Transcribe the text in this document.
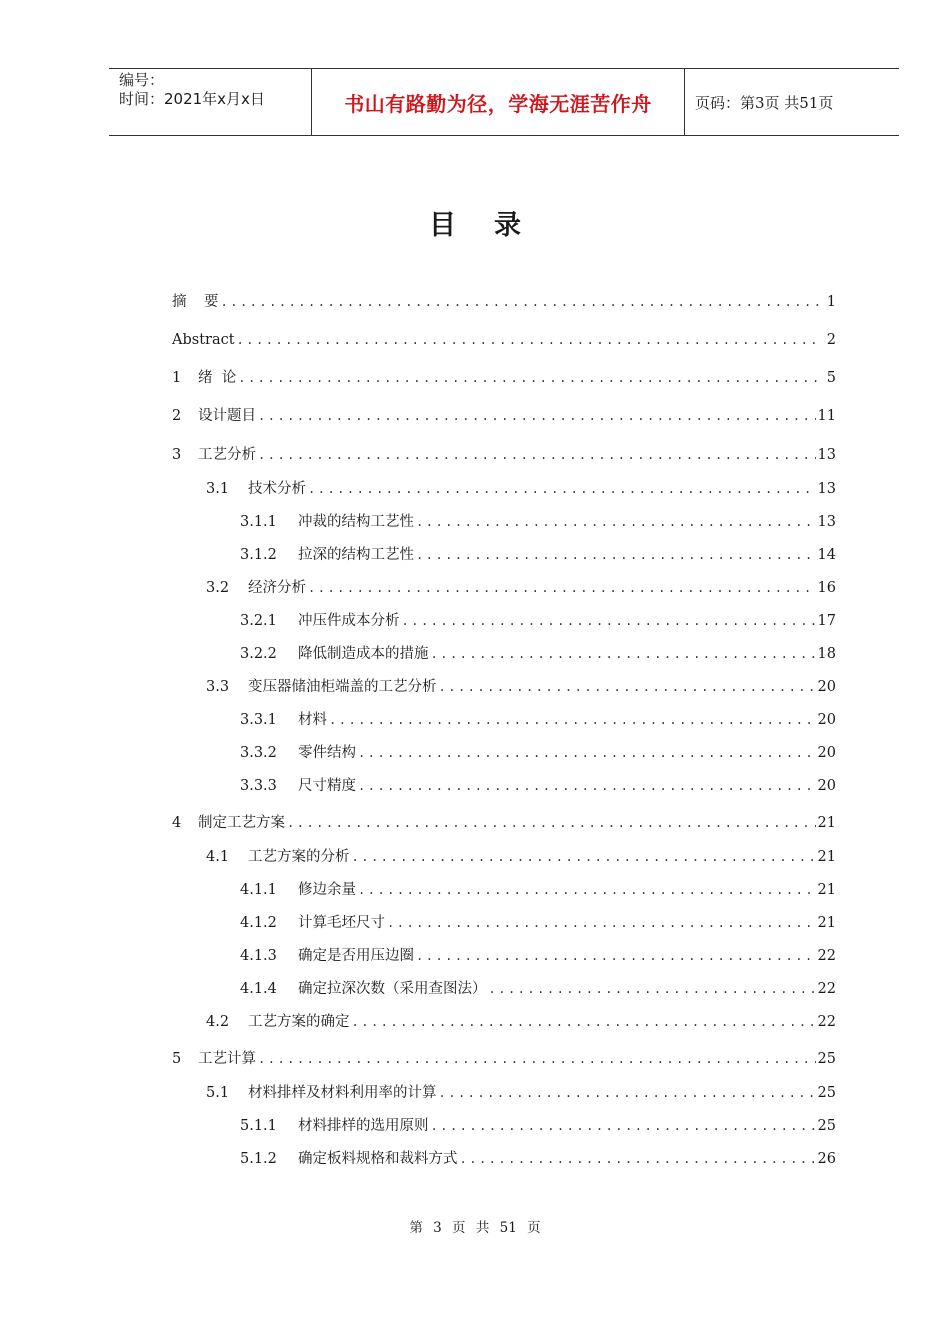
编号：
时间：2021年x月x日	书山有路勤为径，学海无涯苦作舟	页码：第3页 共51页
目录
摘	要 .....	1
Abstract .....	2
1	绪  论 .....	5
2	设计题目 .....	11
3	工艺分析 .....	13
3.1	技术分析 .....	13
3.1.1	冲裁的结构工艺性 .....	13
3.1.2	拉深的结构工艺性 .....	14
3.2	经济分析 .....	16
3.2.1	冲压件成本分析 .....	17
3.2.2	降低制造成本的措施 .....	18
3.3	变压器储油柜端盖的工艺分析 .....	20
3.3.1	材料 .....	20
3.3.2	零件结构 .....	20
3.3.3	尺寸精度 .....	20
4	制定工艺方案 .....	21
4.1	工艺方案的分析 .....	21
4.1.1	修边余量 .....	21
4.1.2	计算毛坯尺寸 .....	21
4.1.3	确定是否用压边圈 .....	22
4.1.4	确定拉深次数（采用查图法） .....	22
4.2	工艺方案的确定 .....	22
5	工艺计算 .....	25
5.1	材料排样及材料利用率的计算 .....	25
5.1.1	材料排样的选用原则 .....	25
5.1.2	确定板料规格和裁料方式 .....	26
第 3 页 共 51 页
